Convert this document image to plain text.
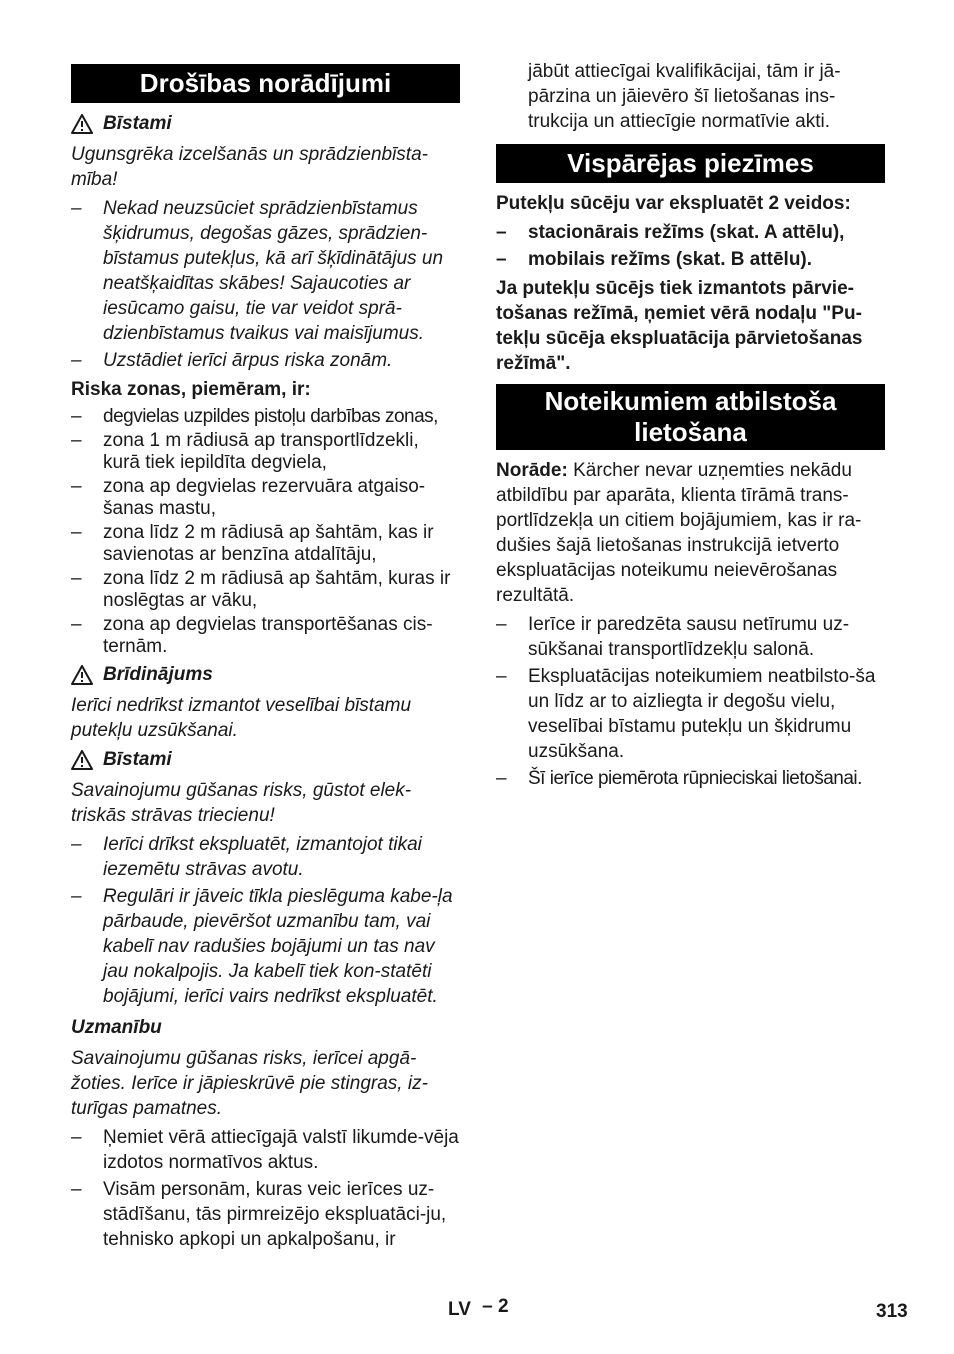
Drošības norādījumi
Bīstami

Ugunsgrēka izcelšanās un sprādzienbīsta-mība!

– Nekad neuzsūciet sprādzienbīstamus šķidrumus, degošas gāzes, sprādzien-bīstamus putekļus, kā arī šķīdinātājus un neatšķaidītas skābes! Sajaucoties ar iesūcamo gaisu, tie var veidot sprā-dzienbīstamus tvaikus vai maisījumus.
– Uzstādiet ierīci ārpus riska zonām.

Riska zonas, piemēram, ir:

– degvielas uzpildes pistoļu darbības zonas,
– zona 1 m rādiusā ap transportlīdzekli, kurā tiek iepildīta degviela,
– zona ap degvielas rezervuāra atgaiso-šanas mastu,
– zona līdz 2 m rādiusā ap šahtām, kas ir savienotas ar benzīna atdalītāju,
– zona līdz 2 m rādiusā ap šahtām, kuras ir noslēgtas ar vāku,
– zona ap degvielas transportēšanas cis-ternām.
Brīdinājums

Ierīci nedrīkst izmantot veselībai bīstamu putekļu uzsūkšanai.

Bīstami

Savainojumu gūšanas risks, gūstot elek-triskās strāvas triecienu!

– Ierīci drīkst ekspluatēt, izmantojot tikai iezemētu strāvas avotu.
– Regulāri ir jāveic tīkla pieslēguma kabe-ļa pārbaude, pievēršot uzmanību tam, vai kabelī nav radušies bojājumi un tas nav jau nokalpojis. Ja kabelī tiek kon-statēti bojājumi, ierīci vairs nedrīkst ekspluatēt.
Uzmanību

Savainojumu gūšanas risks, ierīcei apgā-žoties. Ierīce ir jāpieskrūvē pie stingras, iz-turīgas pamatnes.

– Ņemiet vērā attiecīgajā valstī likumde-vēja izdotos normatīvos aktus.
– Visām personām, kuras veic ierīces uz-stādīšanu, tās pirmreizējo ekspluatāci-ju, tehnisko apkopi un apkalpošanu, ir

jābūt attiecīgai kvalifikācijai, tām ir jā-pārzina un jāievēro šī lietošanas ins-trukcija un attiecīgie normatīvie akti.

Vispārējas piezīmes

Putekļu sūcēju var ekspluatēt 2 veidos:

– stacionārais režīms (skat. A attēlu),
– mobilais režīms (skat. B attēlu).

Ja putekļu sūcējs tiek izmantots pārvie-tošanas režīmā, ņemiet vērā nodaļu "Pu-tekļu sūcēja ekspluatācija pārvietošanas režīmā".

Noteikumiem atbilstoša
lietošana

Norāde: Kärcher nevar uzņemties nekādu atbildību par aparāta, klienta tīrāmā trans-portlīdzekļa un citiem bojājumiem, kas ir ra-dušies šajā lietošanas instrukcijā ietverto ekspluatācijas noteikumu neievērošanas rezultātā.

– Ierīce ir paredzēta sausu netīrumu uz-sūkšanai transportlīdzekļu salonā.
– Ekspluatācijas noteikumiem neatbilsto-ša un līdz ar to aizliegta ir degošu vielu, veselībai bīstamu putekļu un šķidrumu uzsūkšana.
– Šī ierīce piemērota rūpnieciskai lietošanai.
LV – 2	313
